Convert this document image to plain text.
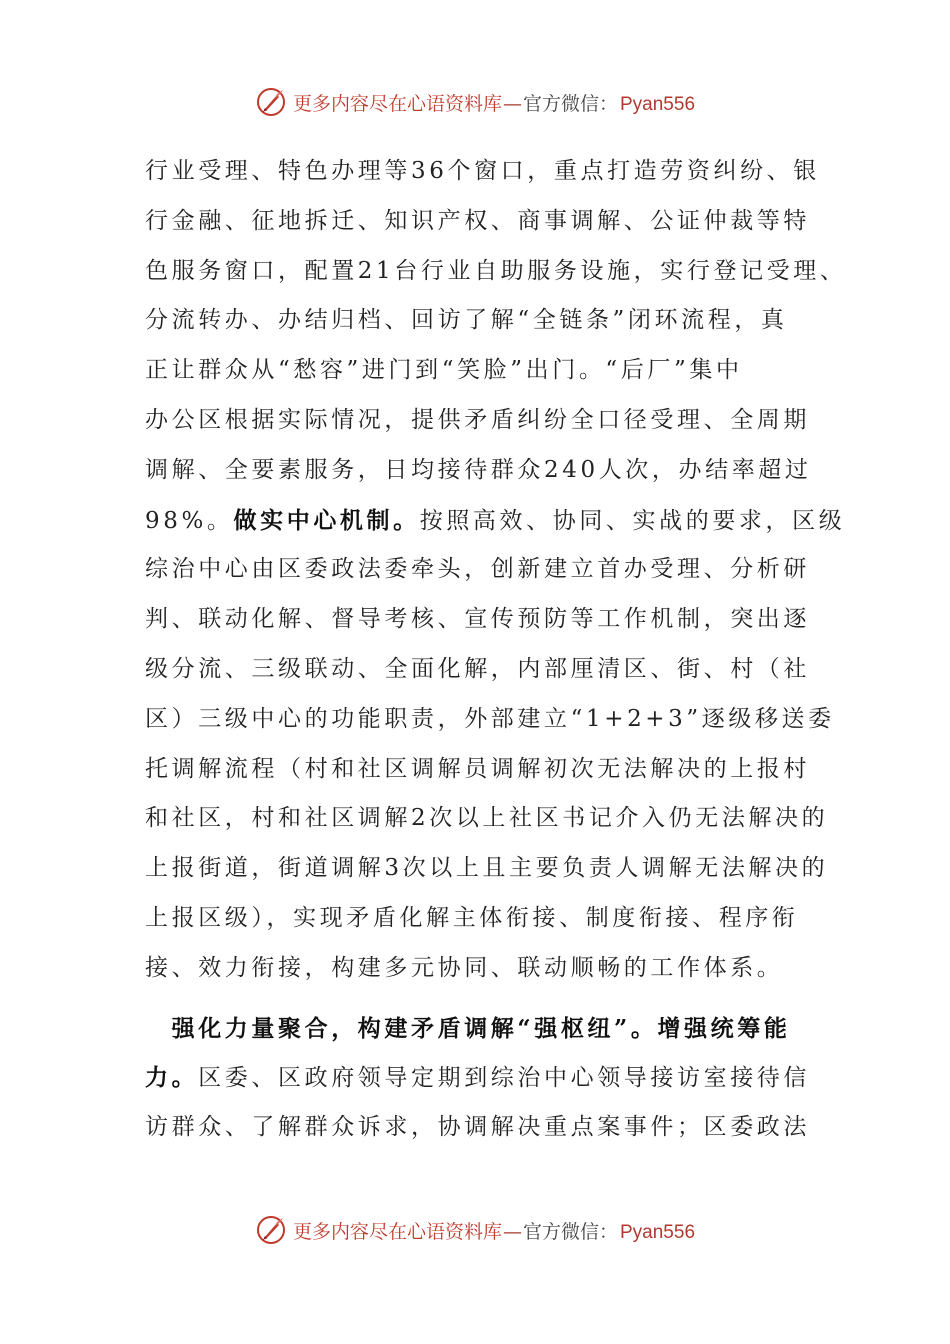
更多内容尽在心语资料库 — 官方微信： Pyan556
行业受理、特色办理等36个窗口，重点打造劳资纠纷、银
行金融、征地拆迁、知识产权、商事调解、公证仲裁等特
色服务窗口，配置21台行业自助服务设施，实行登记受理、
分流转办、办结归档、回访了解“全链条”闭环流程，真
正让群众从“愁容”进门到“笑脸”出门。“后厂”集中
办公区根据实际情况，提供矛盾纠纷全口径受理、全周期
调解、全要素服务，日均接待群众240人次，办结率超过
98%。做实中心机制。按照高效、协同、实战的要求，区级
综治中心由区委政法委牵头，创新建立首办受理、分析研
判、联动化解、督导考核、宣传预防等工作机制，突出逐
级分流、三级联动、全面化解，内部厘清区、街、村（社
区）三级中心的功能职责，外部建立“1+2+3”逐级移送委
托调解流程（村和社区调解员调解初次无法解决的上报村
和社区，村和社区调解2次以上社区书记介入仍无法解决的
上报街道，街道调解3次以上且主要负责人调解无法解决的
上报区级），实现矛盾化解主体衔接、制度衔接、程序衔
接、效力衔接，构建多元协同、联动顺畅的工作体系。
　强化力量聚合，构建矛盾调解“强枢纽”。增强统筹能
力。区委、区政府领导定期到综治中心领导接访室接待信
访群众、了解群众诉求，协调解决重点案事件；区委政法
更多内容尽在心语资料库 — 官方微信： Pyan556
